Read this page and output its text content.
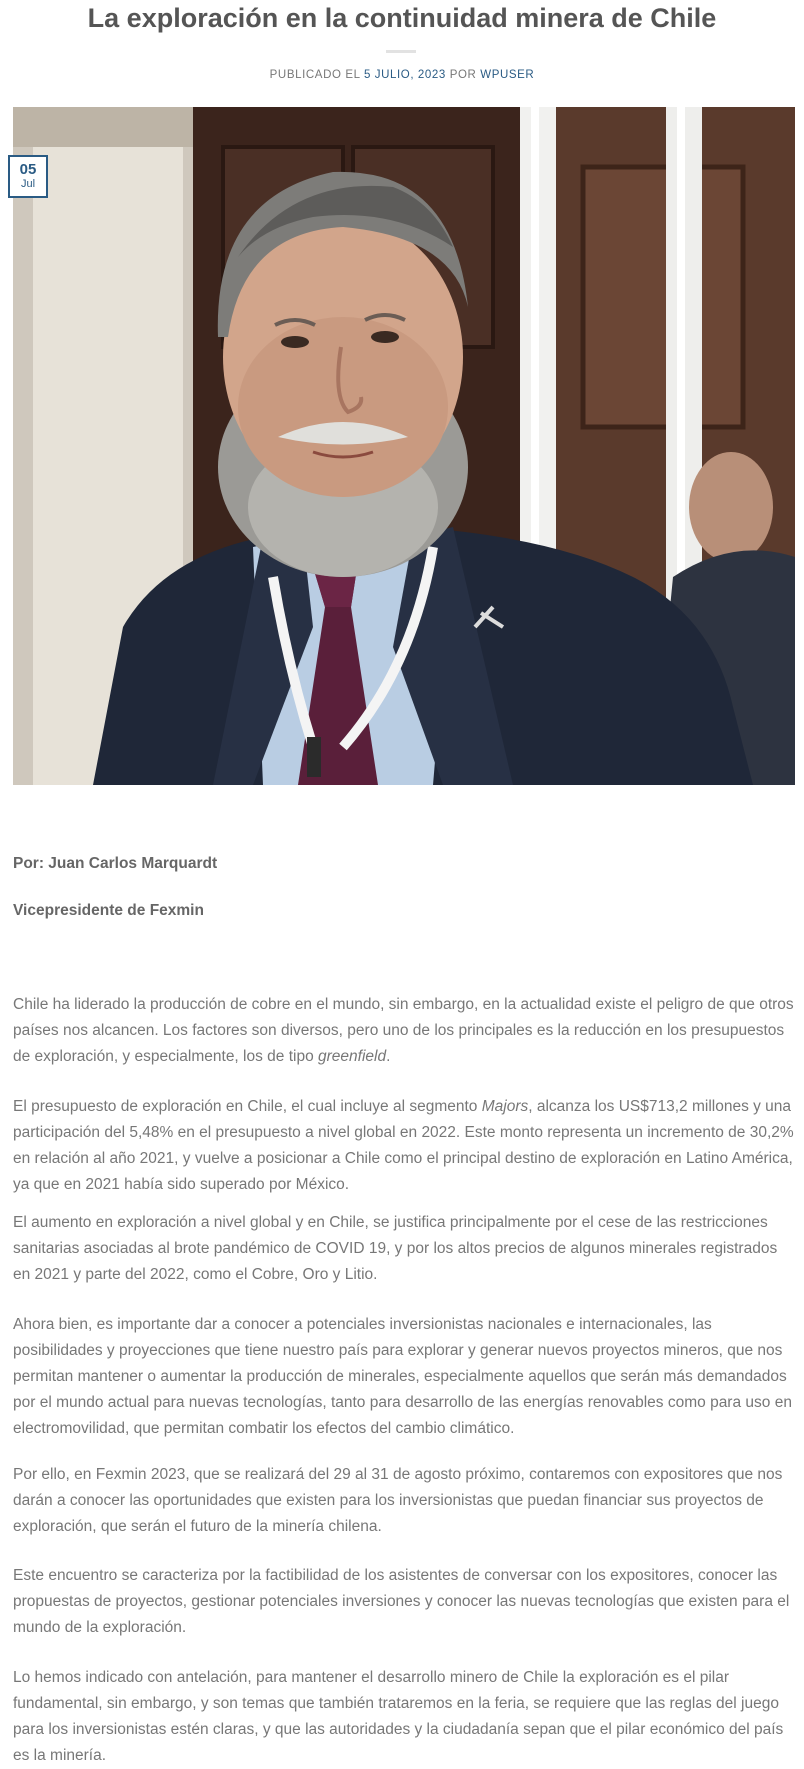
La exploración en la continuidad minera de Chile
PUBLICADO EL 5 JULIO, 2023 POR WPUSER
05
Jul

Por: Juan Carlos Marquardt

Vicepresidente de Fexmin

Chile ha liderado la producción de cobre en el mundo, sin embargo, en la actualidad existe el peligro de que otros países nos alcancen. Los factores son diversos, pero uno de los principales es la reducción en los presupuestos de exploración, y especialmente, los de tipo greenfield.

El presupuesto de exploración en Chile, el cual incluye al segmento Majors, alcanza los US$713,2 millones y una participación del 5,48% en el presupuesto a nivel global en 2022. Este monto representa un incremento de 30,2% en relación al año 2021, y vuelve a posicionar a Chile como el principal destino de exploración en Latino América, ya que en 2021 había sido superado por México.

El aumento en exploración a nivel global y en Chile, se justifica principalmente por el cese de las restricciones sanitarias asociadas al brote pandémico de COVID 19, y por los altos precios de algunos minerales registrados en 2021 y parte del 2022, como el Cobre, Oro y Litio.

Ahora bien, es importante dar a conocer a potenciales inversionistas nacionales e internacionales, las posibilidades y proyecciones que tiene nuestro país para explorar y generar nuevos proyectos mineros, que nos permitan mantener o aumentar la producción de minerales, especialmente aquellos que serán más demandados por el mundo actual para nuevas tecnologías, tanto para desarrollo de las energías renovables como para uso en electromovilidad, que permitan combatir los efectos del cambio climático.

Por ello, en Fexmin 2023, que se realizará del 29 al 31 de agosto próximo, contaremos con expositores que nos darán a conocer las oportunidades que existen para los inversionistas que puedan financiar sus proyectos de exploración, que serán el futuro de la minería chilena.

Este encuentro se caracteriza por la factibilidad de los asistentes de conversar con los expositores, conocer las propuestas de proyectos, gestionar potenciales inversiones y conocer las nuevas tecnologías que existen para el mundo de la exploración.

Lo hemos indicado con antelación, para mantener el desarrollo minero de Chile la exploración es el pilar fundamental, sin embargo, y son temas que también trataremos en la feria, se requiere que las reglas del juego para los inversionistas estén claras, y que las autoridades y la ciudadanía sepan que el pilar económico del país es la minería.
